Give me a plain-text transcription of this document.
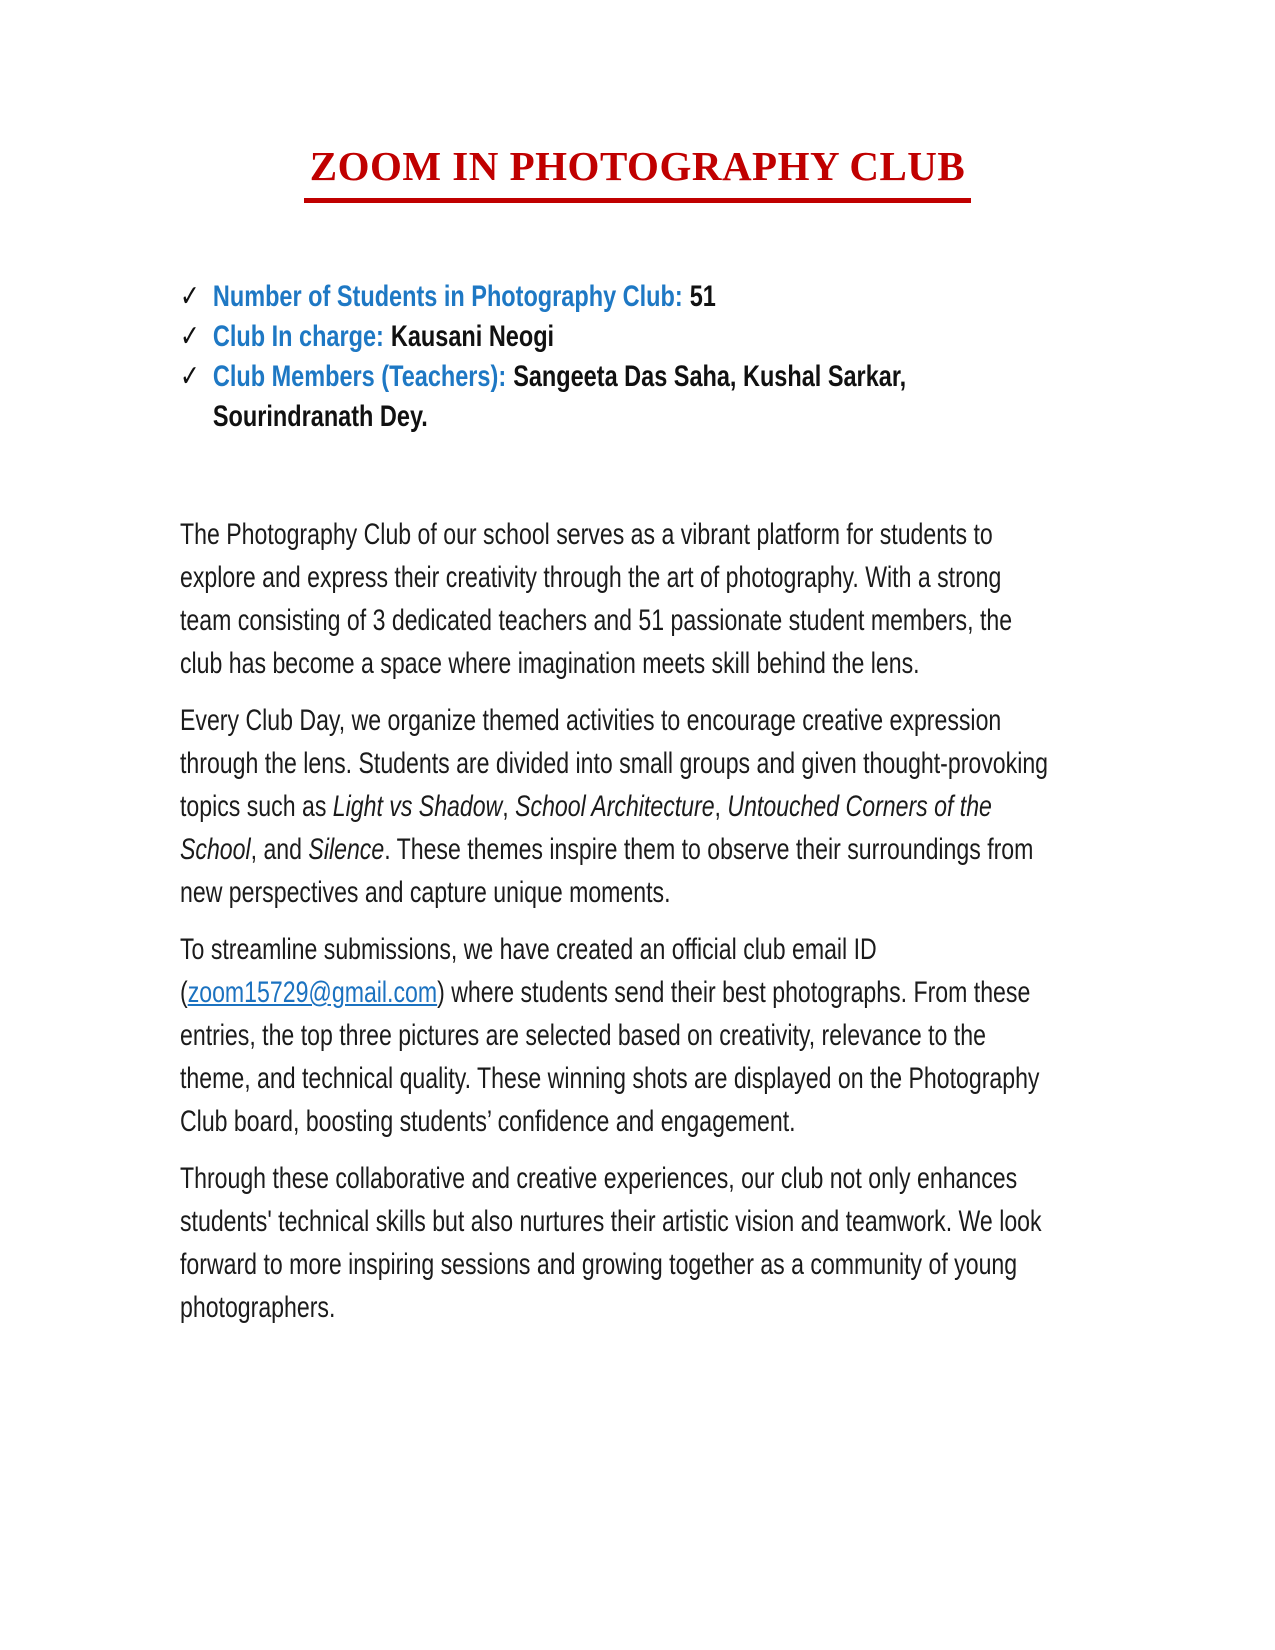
ZOOM IN PHOTOGRAPHY CLUB
✓ Number of Students in Photography Club: 51
✓ Club In charge: Kausani Neogi
✓ Club Members (Teachers): Sangeeta Das Saha, Kushal Sarkar, Sourindranath Dey.

The Photography Club of our school serves as a vibrant platform for students to explore and express their creativity through the art of photography. With a strong team consisting of 3 dedicated teachers and 51 passionate student members, the club has become a space where imagination meets skill behind the lens.

Every Club Day, we organize themed activities to encourage creative expression through the lens. Students are divided into small groups and given thought-provoking topics such as Light vs Shadow, School Architecture, Untouched Corners of the School, and Silence. These themes inspire them to observe their surroundings from new perspectives and capture unique moments.

To streamline submissions, we have created an official club email ID (zoom15729@gmail.com) where students send their best photographs. From these entries, the top three pictures are selected based on creativity, relevance to the theme, and technical quality. These winning shots are displayed on the Photography Club board, boosting students’ confidence and engagement.

Through these collaborative and creative experiences, our club not only enhances students' technical skills but also nurtures their artistic vision and teamwork. We look forward to more inspiring sessions and growing together as a community of young photographers.
